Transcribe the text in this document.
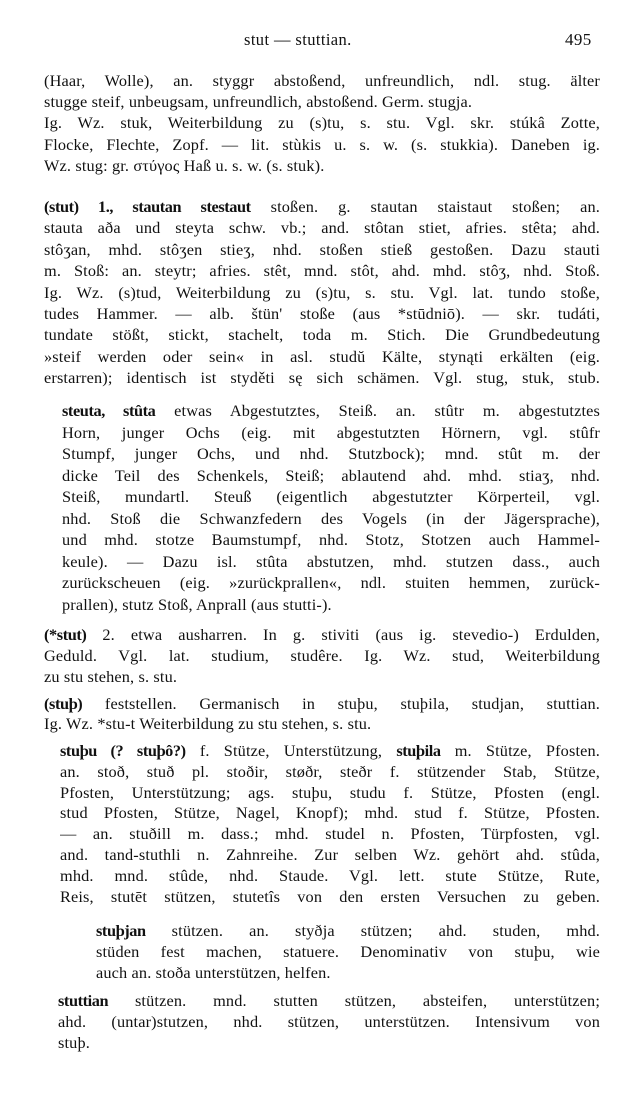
stut — stuttian.	495
(Haar, Wolle), an. styggr abstoßend, unfreundlich, ndl. stug. älter
stugge steif, unbeugsam, unfreundlich, abstoßend. Germ. stugja.
Ig. Wz. stuk, Weiterbildung zu (s)tu, s. stu. Vgl. skr. stúkâ Zotte,
Flocke, Flechte, Zopf. — lit. stùkis u. s. w. (s. stukkia). Daneben ig.
Wz. stug: gr. στύγος Haß u. s. w. (s. stuk).
(stut) 1., stautan stestaut stoßen. g. stautan staistaut stoßen; an.
stauta aða und steyta schw. vb.; and. stôtan stiet, afries. stêta; ahd.
stôʒan, mhd. stôʒen stieʒ, nhd. stoßen stieß gestoßen. Dazu stauti
m. Stoß: an. steytr; afries. stêt, mnd. stôt, ahd. mhd. stôʒ, nhd. Stoß.
Ig. Wz. (s)tud, Weiterbildung zu (s)tu, s. stu. Vgl. lat. tundo stoße,
tudes Hammer. — alb. štün' stoße (aus *stūdniō). — skr. tudáti,
tundate stößt, stickt, stachelt, toda m. Stich. Die Grundbedeutung
»steif werden oder sein« in asl. studŭ Kälte, stynąti erkälten (eig.
erstarren); identisch ist styděti sę sich schämen. Vgl. stug, stuk, stub.
steuta, stûta etwas Abgestutztes, Steiß. an. stûtr m. abgestutztes
Horn, junger Ochs (eig. mit abgestutzten Hörnern, vgl. stûfr
Stumpf, junger Ochs, und nhd. Stutzbock); mnd. stût m. der
dicke Teil des Schenkels, Steiß; ablautend ahd. mhd. stiaʒ, nhd.
Steiß, mundartl. Steuß (eigentlich abgestutzter Körperteil, vgl.
nhd. Stoß die Schwanzfedern des Vogels (in der Jägersprache),
und mhd. stotze Baumstumpf, nhd. Stotz, Stotzen auch Hammel-
keule). — Dazu isl. stûta abstutzen, mhd. stutzen dass., auch
zurückscheuen (eig. »zurückprallen«, ndl. stuiten hemmen, zurück-
prallen), stutz Stoß, Anprall (aus stutti-).
(*stut) 2. etwa ausharren. In g. stiviti (aus ig. stevedio-) Erdulden,
Geduld. Vgl. lat. studium, studêre. Ig. Wz. stud, Weiterbildung
zu stu stehen, s. stu.
(stuþ) feststellen. Germanisch in stuþu, stuþila, studjan, stuttian.
Ig. Wz. *stu-t Weiterbildung zu stu stehen, s. stu.
stuþu (? stuþô?) f. Stütze, Unterstützung, stuþila m. Stütze, Pfosten.
an. stoð, stuð pl. stoðir, støðr, steðr f. stützender Stab, Stütze,
Pfosten, Unterstützung; ags. stuþu, studu f. Stütze, Pfosten (engl.
stud Pfosten, Stütze, Nagel, Knopf); mhd. stud f. Stütze, Pfosten.
— an. stuðill m. dass.; mhd. studel n. Pfosten, Türpfosten, vgl.
and. tand-stuthli n. Zahnreihe. Zur selben Wz. gehört ahd. stûda,
mhd. mnd. stûde, nhd. Staude. Vgl. lett. stute Stütze, Rute,
Reis, stutēt stützen, stutetîs von den ersten Versuchen zu geben.
stuþjan stützen. an. styðja stützen; ahd. studen, mhd.
stüden fest machen, statuere. Denominativ von stuþu, wie
auch an. stoða unterstützen, helfen.
stuttian stützen. mnd. stutten stützen, absteifen, unterstützen;
ahd. (untar)stutzen, nhd. stützen, unterstützen. Intensivum von
stuþ.
